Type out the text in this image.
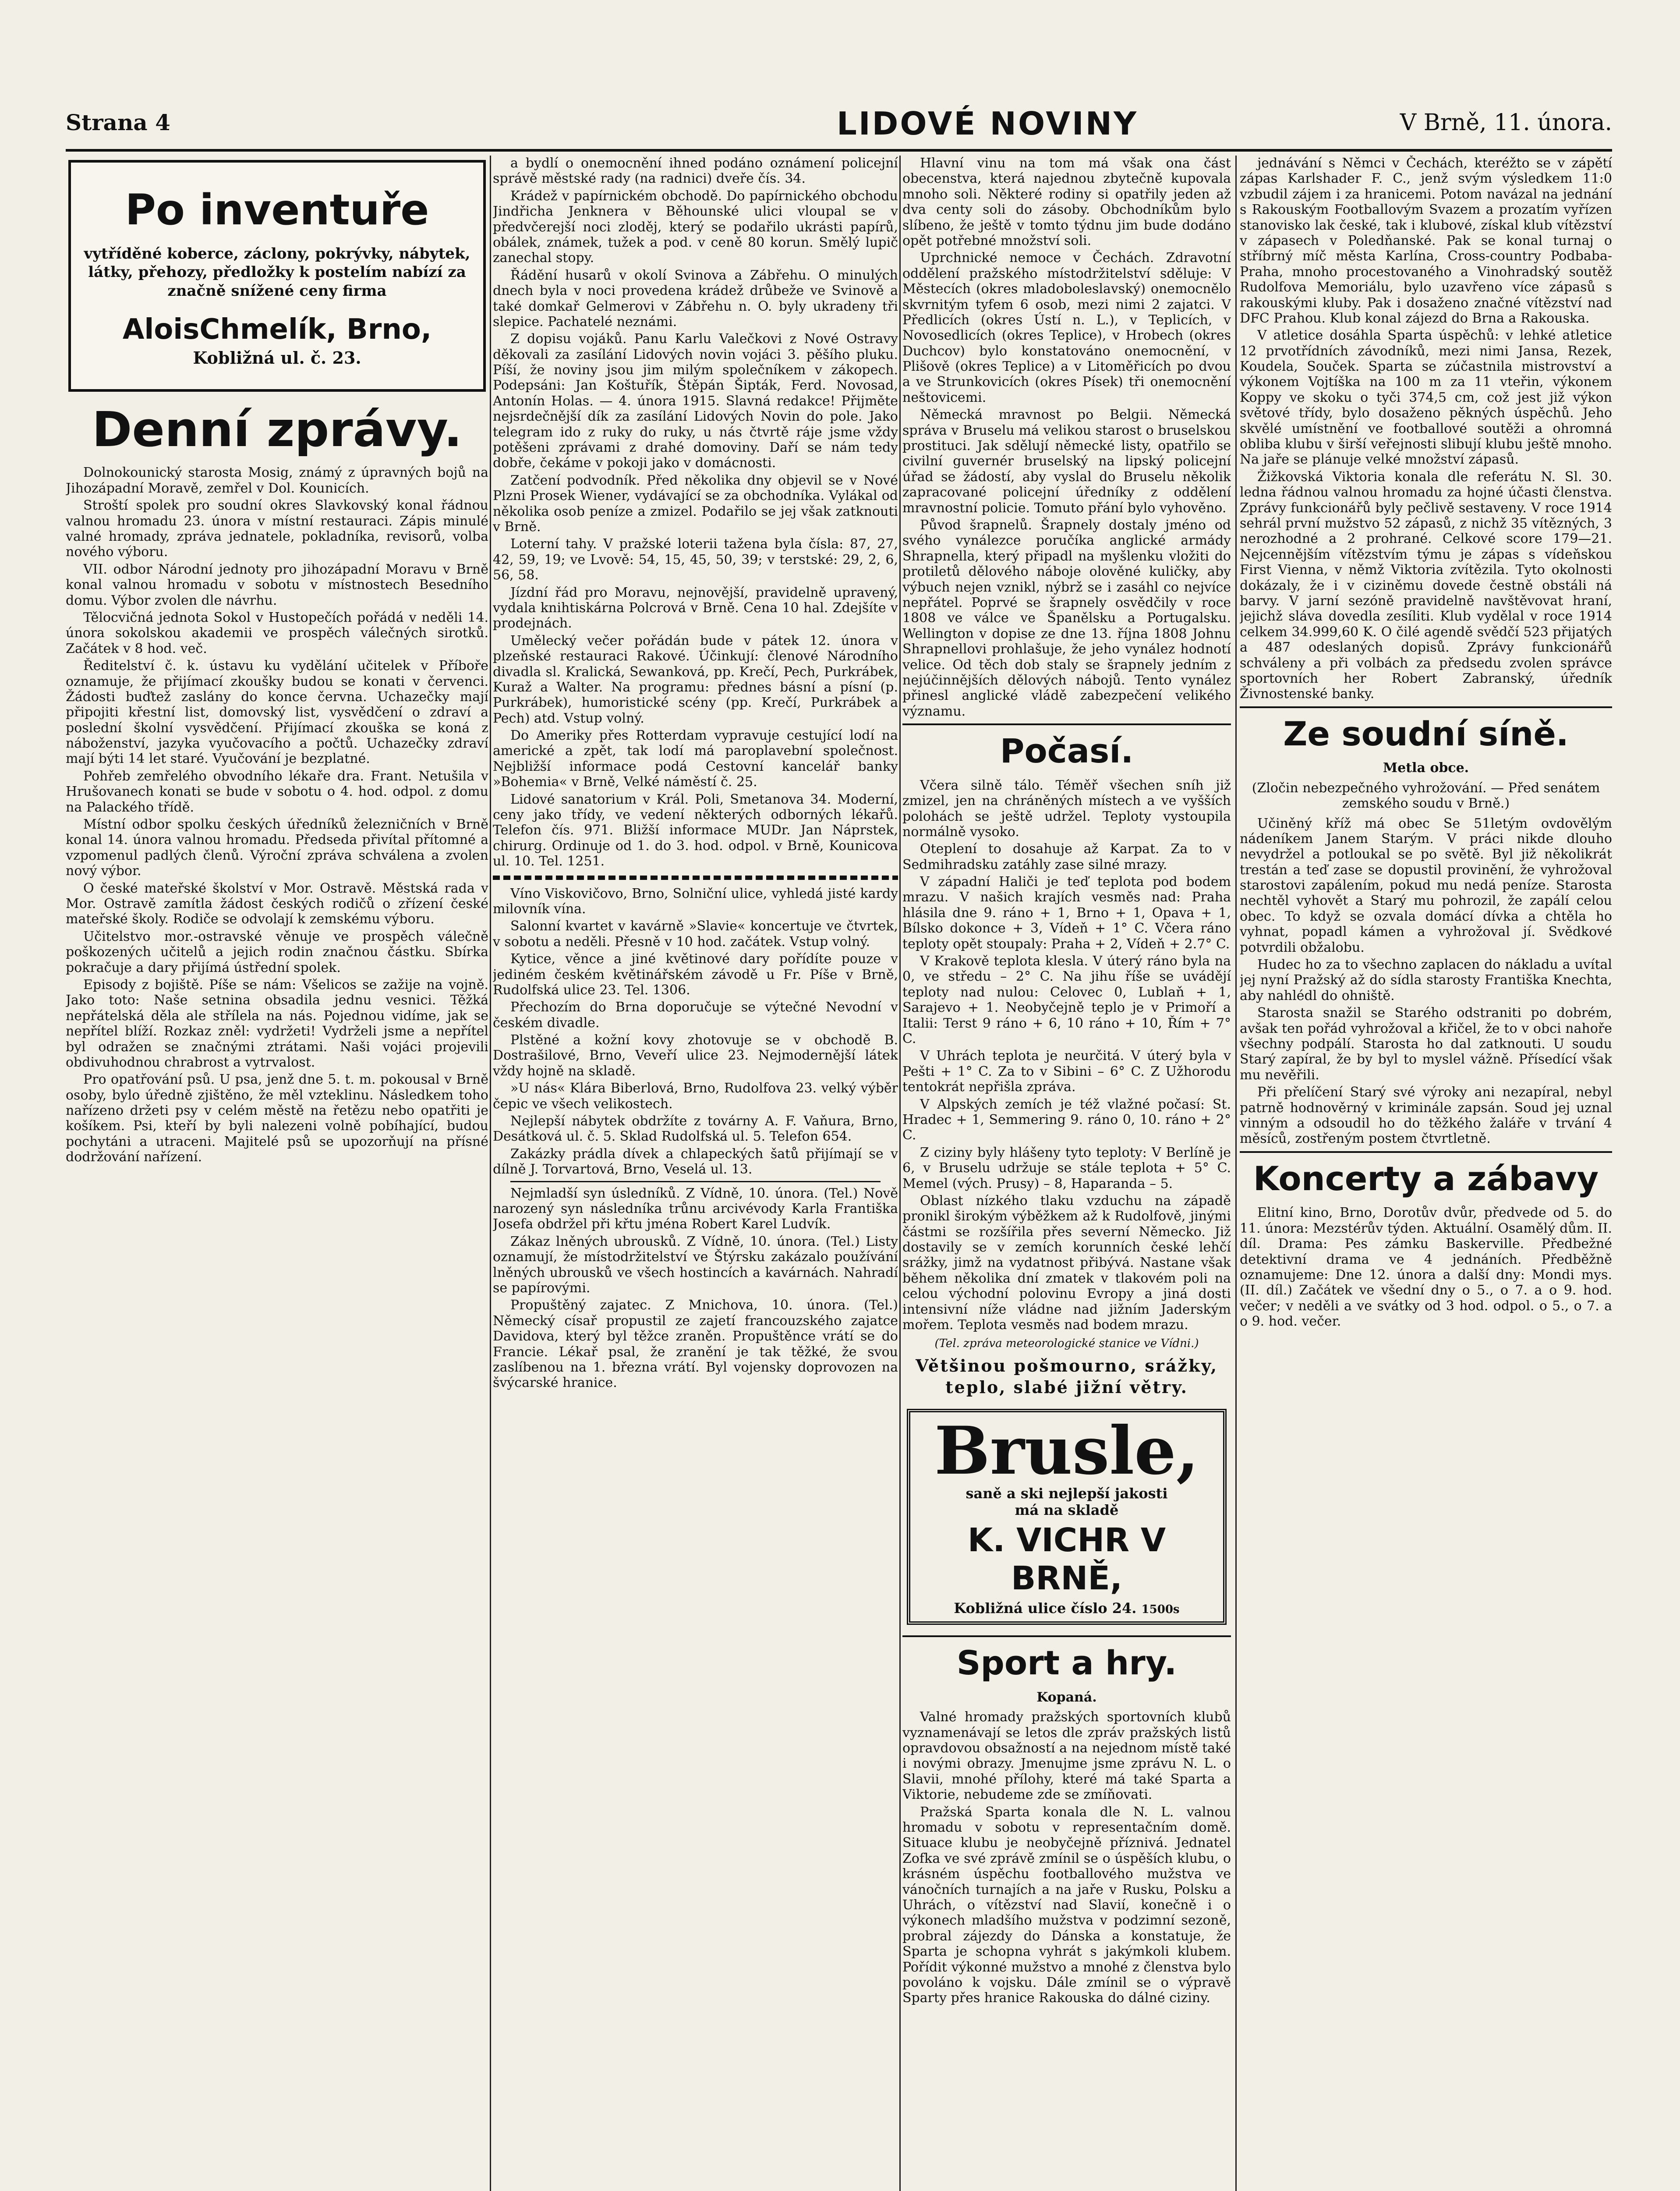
Strana 4	LIDOVÉ NOVINY	V Brně, 11. února.
Po inventuře
vytříděné koberce, záclony, pokrývky, nábytek, látky, přehozy, předložky k postelím nabízí za značně snížené ceny firma
AloisChmelík, Brno,
Kobližná ul. č. 23.
Denní zprávy.

Dolnokounický starosta Mosig, známý z úpravných bojů na Jihozápadní Moravě, zemřel v Dol. Kounicích.

Stroští spolek pro soudní okres Slavkovský konal řádnou valnou hromadu 23. února v místní restauraci. Zápis minulé valné hromady, zpráva jednatele, pokladníka, revisorů, volba nového výboru.

VII. odbor Národní jednoty pro jihozápadní Moravu v Brně konal valnou hromadu v sobotu v místnostech Besedního domu. Výbor zvolen dle návrhu.

Tělocvičná jednota Sokol v Hustopečích pořádá v neděli 14. února sokolskou akademii ve prospěch válečných sirotků. Začátek v 8 hod. več.

Ředitelství č. k. ústavu ku vydělání učitelek v Příboře oznamuje, že přijímací zkoušky budou se konati v červenci. Žádosti buďtež zaslány do konce června. Uchazečky mají připojiti křestní list, domovský list, vysvědčení o zdraví a poslední školní vysvědčení. Přijímací zkouška se koná z náboženství, jazyka vyučovacího a počtů. Uchazečky zdraví mají býti 14 let staré. Vyučování je bezplatné.

Pohřeb zemřelého obvodního lékaře dra. Frant. Netušila v Hrušovanech konati se bude v sobotu o 4. hod. odpol. z domu na Palackého třídě.

Místní odbor spolku českých úředníků železničních v Brně konal 14. února valnou hromadu. Předseda přivítal přítomné a vzpomenul padlých členů. Výroční zpráva schválena a zvolen nový výbor.

O české mateřské školství v Mor. Ostravě. Městská rada v Mor. Ostravě zamítla žádost českých rodičů o zřízení české mateřské školy. Rodiče se odvolají k zemskému výboru.

Učitelstvo mor.-ostravské věnuje ve prospěch válečně poškozených učitelů a jejich rodin značnou částku. Sbírka pokračuje a dary přijímá ústřední spolek.

Episody z bojiště. Píše se nám: Všelicos se zažije na vojně. Jako toto: Naše setnina obsadila jednu vesnici. Těžká nepřátelská děla ale střílela na nás. Pojednou vidíme, jak se nepřítel blíží. Rozkaz zněl: vydržeti! Vydrželi jsme a nepřítel byl odražen se značnými ztrátami. Naši vojáci projevili obdivuhodnou chrabrost a vytrvalost.

Pro opatřování psů. U psa, jenž dne 5. t. m. pokousal v Brně osoby, bylo úředně zjištěno, že měl vzteklinu. Následkem toho nařízeno držeti psy v celém městě na řetězu nebo opatřiti je košíkem. Psi, kteří by byli nalezeni volně pobíhající, budou pochytáni a utraceni. Majitelé psů se upozorňují na přísné dodržování nařízení.

a bydlí o onemocnění ihned podáno oznámení policejní správě městské rady (na radnici) dveře čís. 34.

Krádež v papírnickém obchodě. Do papírnického obchodu Jindřicha Jenknera v Běhounské ulici vloupal se v předvčerejší noci zloděj, který se podařilo ukrásti papírů, obálek, známek, tužek a pod. v ceně 80 korun. Smělý lupič zanechal stopy.

Řádění husarů v okolí Svinova a Zábřehu. O minulých dnech byla v noci provedena krádež drůbeže ve Svinově a také domkař Gelmerovi v Zábřehu n. O. byly ukradeny tři slepice. Pachatelé neznámi.

Z dopisu vojáků. Panu Karlu Valečkovi z Nové Ostravy děkovali za zasílání Lidových novin vojáci 3. pěšího pluku. Píší, že noviny jsou jim milým společníkem v zákopech. Podepsáni: Jan Koštuřík, Štěpán Šipták, Ferd. Novosad, Antonín Holas. — 4. února 1915. Slavná redakce! Přijměte nejsrdečnější dík za zasílání Lidových Novin do pole. Jako telegram ido z ruky do ruky, u nás čtvrtě ráje jsme vždy potěšeni zprávami z drahé domoviny. Daří se nám tedy dobře, čekáme v pokoji jako v domácnosti.

Zatčení podvodník. Před několika dny objevil se v Nové Plzni Prosek Wiener, vydávající se za obchodníka. Vylákal od několika osob peníze a zmizel. Podařilo se jej však zatknouti v Brně.

Loterní tahy. V pražské loterii tažena byla čísla: 87, 27, 42, 59, 19; ve Lvově: 54, 15, 45, 50, 39; v terstské: 29, 2, 6, 56, 58.

Jízdní řád pro Moravu, nejnovější, pravidelně upravený, vydala knihtiskárna Polcrová v Brně. Cena 10 hal. Zdejšíte v prodejnách.

Umělecký večer pořádán bude v pátek 12. února v plzeňské restauraci Rakové. Účinkují: členové Národního divadla sl. Kralická, Sewanková, pp. Krečí, Pech, Purkrábek, Kuraž a Walter. Na programu: přednes básní a písní (p. Purkrábek), humoristické scény (pp. Krečí, Purkrábek a Pech) atd. Vstup volný.

Do Ameriky přes Rotterdam vypravuje cestující lodí na americké a zpět, tak lodí má paroplavební společnost. Nejbližší informace podá Cestovní kancelář banky »Bohemia« v Brně, Velké náměstí č. 25.

Lidové sanatorium v Král. Poli, Smetanova 34. Moderní, ceny jako třídy, ve vedení některých odborných lékařů. Telefon čís. 971. Bližší informace MUDr. Jan Náprstek, chirurg. Ordinuje od 1. do 3. hod. odpol. v Brně, Kounicova ul. 10. Tel. 1251.

Víno Viskovičovo, Brno, Solniční ulice, vyhledá jisté kardy milovník vína.

Salonní kvartet v kavárně »Slavie« koncertuje ve čtvrtek, v sobotu a neděli. Přesně v 10 hod. začátek. Vstup volný.

Kytice, věnce a jiné květinové dary pořídíte pouze v jediném českém květinářském závodě u Fr. Píše v Brně, Rudolfská ulice 23. Tel. 1306.

Přechozím do Brna doporučuje se výtečné Nevodní v českém divadle.

Plstěné a kožní kovy zhotovuje se v obchodě B. Dostrašilové, Brno, Veveří ulice 23. Nejmodernější látek vždy hojně na skladě.

»U nás« Klára Biberlová, Brno, Rudolfova 23. velký výběr čepic ve všech velikostech.

Nejlepší nábytek obdržíte z továrny A. F. Vaňura, Brno, Desátková ul. č. 5. Sklad Rudolfská ul. 5. Telefon 654.

Zakázky prádla dívek a chlapeckých šatů přijímají se v dílně J. Torvartová, Brno, Veselá ul. 13.

Nejmladší syn úsledníků. Z Vídně, 10. února. (Tel.) Nově narozený syn následníka trůnu arcivévody Karla Františka Josefa obdržel při křtu jména Robert Karel Ludvík.

Zákaz lněných ubrousků. Z Vídně, 10. února. (Tel.) Listy oznamují, že místodržitelství ve Štýrsku zakázalo používání lněných ubrousků ve všech hostincích a kavárnách. Nahradí se papírovými.

Propuštěný zajatec. Z Mnichova, 10. února. (Tel.) Německý císař propustil ze zajetí francouzského zajatce Davidova, který byl těžce zraněn. Propuštěnce vrátí se do Francie. Lékař psal, že zranění je tak těžké, že svou zaslíbenou na 1. března vrátí. Byl vojensky doprovozen na švýcarské hranice.

Hlavní vinu na tom má však ona část obecenstva, která najednou zbytečně kupovala mnoho soli. Některé rodiny si opatřily jeden až dva centy soli do zásoby. Obchodníkům bylo slíbeno, že ještě v tomto týdnu jim bude dodáno opět potřebné množství soli.

Uprchnické nemoce v Čechách. Zdravotní oddělení pražského místodržitelství sděluje: V Městecích (okres mladoboleslavský) onemocnělo skvrnitým tyfem 6 osob, mezi nimi 2 zajatci. V Předlicích (okres Ústí n. L.), v Teplicích, v Novosedlicích (okres Teplice), v Hrobech (okres Duchcov) bylo konstatováno onemocnění, v Plišově (okres Teplice) a v Litoměřicích po dvou a ve Strunkovicích (okres Písek) tři onemocnění neštovicemi.

Německá mravnost po Belgii. Německá správa v Bruselu má velikou starost o bruselskou prostituci. Jak sdělují německé listy, opatřilo se civilní guvernér bruselský na lipský policejní úřad se žádostí, aby vyslal do Bruselu několik zapracované policejní úředníky z oddělení mravnostní policie. Tomuto přání bylo vyhověno.

Původ šrapnelů. Šrapnely dostaly jméno od svého vynálezce poručíka anglické armády Shrapnella, který připadl na myšlenku vložiti do protiletů dělového náboje olověné kuličky, aby výbuch nejen vznikl, nýbrž se i zasáhl co nejvíce nepřátel. Poprvé se šrapnely osvědčily v roce 1808 ve válce ve Španělsku a Portugalsku. Wellington v dopise ze dne 13. října 1808 Johnu Shrapnellovi prohlašuje, že jeho vynález hodnotí velice. Od těch dob staly se šrapnely jedním z nejúčinnějších dělových nábojů. Tento vynález přinesl anglické vládě zabezpečení velikého významu.

Počasí.

Včera silně tálo. Téměř všechen sníh již zmizel, jen na chráněných místech a ve vyšších polohách se ještě udržel. Teploty vystoupila normálně vysoko.

Oteplení to dosahuje až Karpat. Za to v Sedmihradsku zatáhly zase silné mrazy.

V západní Haliči je teď teplota pod bodem mrazu. V našich krajích vesměs nad: Praha hlásila dne 9. ráno + 1, Brno + 1, Opava + 1, Bílsko dokonce + 3, Vídeň + 1° C. Včera ráno teploty opět stoupaly: Praha + 2, Vídeň + 2.7° C.

V Krakově teplota klesla. V úterý ráno byla na 0, ve středu – 2° C. Na jihu říše se uvádějí teploty nad nulou: Celovec 0, Lublaň + 1, Sarajevo + 1. Neobyčejně teplo je v Primoří a Italii: Terst 9 ráno + 6, 10 ráno + 10, Řím + 7° C.

V Uhrách teplota je neurčitá. V úterý byla v Pešti + 1° C. Za to v Sibini – 6° C. Z Užhorodu tentokrát nepřišla zpráva.

V Alpských zemích je též vlažné počasí: St. Hradec + 1, Semmering 9. ráno 0, 10. ráno + 2° C.

Z ciziny byly hlášeny tyto teploty: V Berlíně je 6, v Bruselu udržuje se stále teplota + 5° C. Memel (vých. Prusy) – 8, Haparanda – 5.

Oblast nízkého tlaku vzduchu na západě pronikl širokým výběžkem až k Rudolfově, jinými částmi se rozšířila přes severní Německo. Již dostavily se v zemích korunních české lehčí srážky, jimž na vydatnost přibývá. Nastane však během několika dní zmatek v tlakovém poli na celou východní polovinu Evropy a jiná dosti intensivní níže vládne nad jižním Jaderským mořem. Teplota vesměs nad bodem mrazu.

(Tel. zpráva meteorologické stanice ve Vídni.)
Většinou pošmourno, srážky, teplo, slabé jižní větry.
Brusle,
saně a ski nejlepší jakosti
má na skladě
K. VICHR V BRNĚ,
Kobližná ulice číslo 24. 1500s
Sport a hry.
Kopaná.

Valné hromady pražských sportovních klubů vyznamenávají se letos dle zpráv pražských listů opravdovou obsažností a na nejednom místě také i novými obrazy. Jmenujme jsme zprávu N. L. o Slavii, mnohé přílohy, které má také Sparta a Viktorie, nebudeme zde se zmíňovati.

Pražská Sparta konala dle N. L. valnou hromadu v sobotu v representačním domě. Situace klubu je neobyčejně příznivá. Jednatel Zofka ve své zprávě zmínil se o úspěších klubu, o krásném úspěchu footballového mužstva ve vánočních turnajích a na jaře v Rusku, Polsku a Uhrách, o vítězství nad Slavií, konečně i o výkonech mladšího mužstva v podzimní sezoně, probral zájezdy do Dánska a konstatuje, že Sparta je schopna vyhrát s jakýmkoli klubem. Pořídit výkonné mužstvo a mnohé z členstva bylo povoláno k vojsku. Dále zmínil se o výpravě Sparty přes hranice Rakouska do dálné ciziny.

jednávání s Němci v Čechách, kteréžto se v zápětí zápas Karlshader F. C., jenž svým výsledkem 11:0 vzbudil zájem i za hranicemi. Potom navázal na jednání s Rakouským Footballovým Svazem a prozatím vyřízen stanovisko lak české, tak i klubové, získal klub vítězství v zápasech v Poledňanské. Pak se konal turnaj o stříbrný míč města Karlína, Cross-country Podbaba-Praha, mnoho procestovaného a Vinohradský soutěž Rudolfova Memoriálu, bylo uzavřeno více zápasů s rakouskými kluby. Pak i dosaženo značné vítězství nad DFC Prahou. Klub konal zájezd do Brna a Rakouska.

V atletice dosáhla Sparta úspěchů: v lehké atletice 12 prvotřídních závodníků, mezi nimi Jansa, Rezek, Koudela, Souček. Sparta se zúčastnila mistrovství a výkonem Vojtíška na 100 m za 11 vteřin, výkonem Koppy ve skoku o tyči 374,5 cm, což jest již výkon světové třídy, bylo dosaženo pěkných úspěchů. Jeho skvělé umístnění ve footballové soutěži a ohromná obliba klubu v širší veřejnosti slibují klubu ještě mnoho. Na jaře se plánuje velké množství zápasů.

Žižkovská Viktoria konala dle referátu N. Sl. 30. ledna řádnou valnou hromadu za hojné účasti členstva. Zprávy funkcionářů byly pečlivě sestaveny. V roce 1914 sehrál první mužstvo 52 zápasů, z nichž 35 vítězných, 3 nerozhodné a 2 prohrané. Celkové score 179—21. Nejcennějším vítězstvím týmu je zápas s vídeňskou First Vienna, v němž Viktoria zvítězila. Tyto okolnosti dokázaly, že i v ciziněmu dovede čestně obstáli ná barvy. V jarní sezóně pravidelně navštěvovat hraní, jejichž sláva dovedla zesíliti. Klub vydělal v roce 1914 celkem 34.999,60 K. O čilé agendě svědčí 523 přijatých a 487 odeslaných dopisů. Zprávy funkcionářů schváleny a při volbách za předsedu zvolen správce sportovních her Robert Zabranský, úředník Živnostenské banky.

Ze soudní síně.
Metla obce.
(Zločin nebezpečného vyhrožování. — Před senátem zemského soudu v Brně.)

Učiněný kříž má obec Se 51letým ovdovělým nádeníkem Janem Starým. V práci nikde dlouho nevydržel a potloukal se po světě. Byl již několikrát trestán a teď zase se dopustil provinění, že vyhrožoval starostovi zapálením, pokud mu nedá peníze. Starosta nechtěl vyhovět a Starý mu pohrozil, že zapálí celou obec. To když se ozvala domácí dívka a chtěla ho vyhnat, popadl kámen a vyhrožoval jí. Svědkové potvrdili obžalobu.

Hudec ho za to všechno zaplacen do nákladu a uvítal jej nyní Pražský až do sídla starosty Františka Knechta, aby nahlédl do ohniště.

Starosta snažil se Starého odstraniti po dobrém, avšak ten pořád vyhrožoval a křičel, že to v obci nahoře všechny podpálí. Starosta ho dal zatknouti. U soudu Starý zapíral, že by byl to myslel vážně. Přísedící však mu nevěřili.

Při přelíčení Starý své výroky ani nezapíral, nebyl patrně hodnověrný v kriminále zapsán. Soud jej uznal vinným a odsoudil ho do těžkého žaláře v trvání 4 měsíců, zostřeným postem čtvrtletně.

Koncerty a zábavy

Elitní kino, Brno, Dorotův dvůr, předvede od 5. do 11. února: Mezstérův týden. Aktuální. Osamělý dům. II. díl. Drama: Pes zámku Baskerville. Předbežné detektivní drama ve 4 jednáních. Předběžně oznamujeme: Dne 12. února a další dny: Mondi mys. (II. díl.) Začátek ve všední dny o 5., o 7. a o 9. hod. večer; v neděli a ve svátky od 3 hod. odpol. o 5., o 7. a o 9. hod. večer.
